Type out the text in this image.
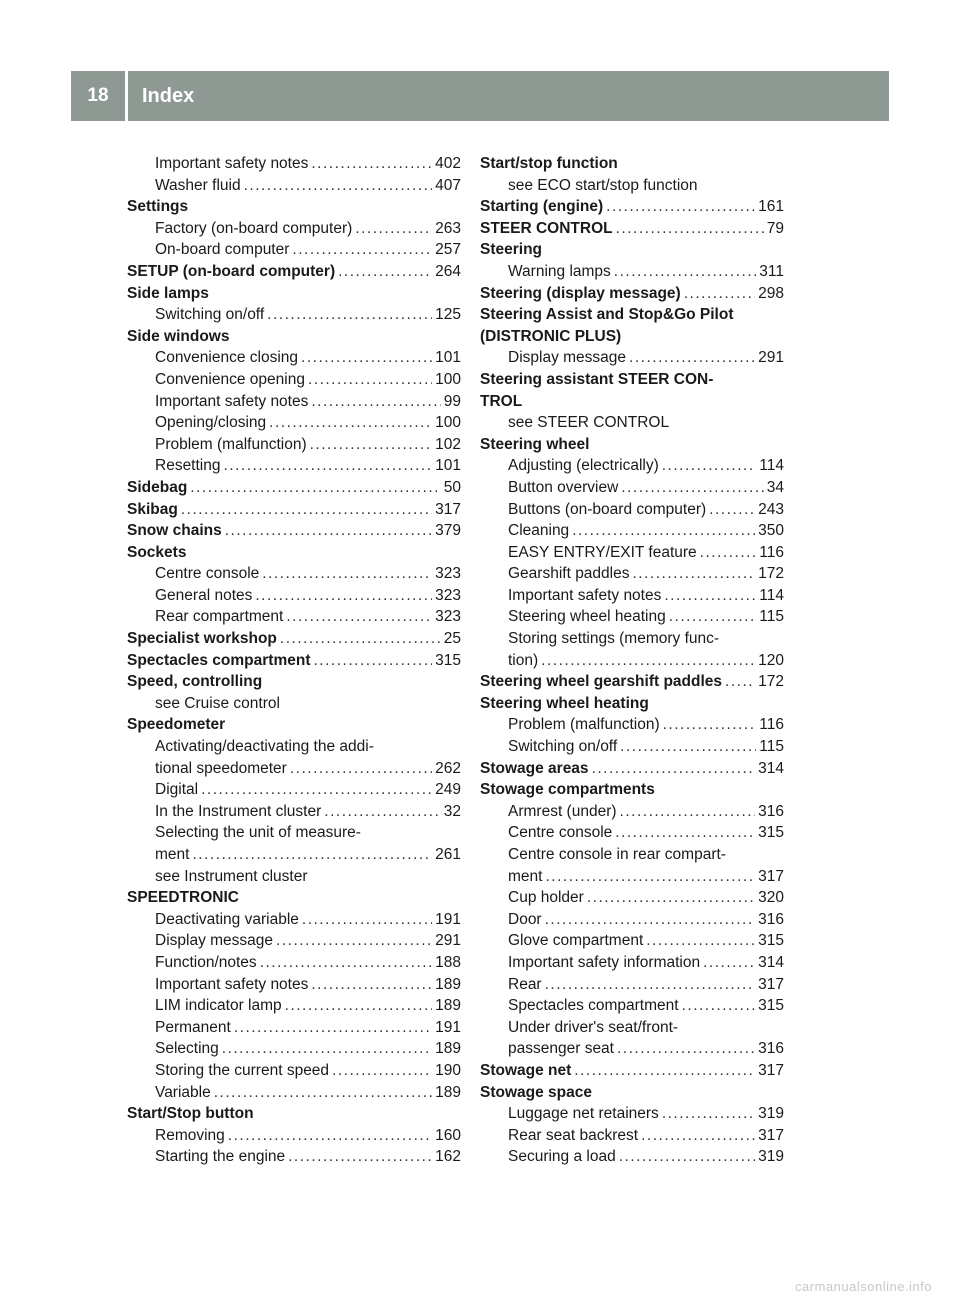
18	Index
Important safety notes .....	402
Washer fluid .....	407
Settings
Factory (on-board computer) .....	263
On-board computer .....	257
SETUP (on-board computer) .....	264
Side lamps
Switching on/off .....	125
Side windows
Convenience closing .....	101
Convenience opening .....	100
Important safety notes .....	99
Opening/closing .....	100
Problem (malfunction) .....	102
Resetting .....	101
Sidebag .....	50
Skibag .....	317
Snow chains .....	379
Sockets
Centre console .....	323
General notes .....	323
Rear compartment .....	323
Specialist workshop .....	25
Spectacles compartment .....	315
Speed, controlling
see Cruise control
Speedometer
Activating/deactivating the addi-
tional speedometer .....	262
Digital .....	249
In the Instrument cluster .....	32
Selecting the unit of measure-
ment .....	261
see Instrument cluster
SPEEDTRONIC
Deactivating variable .....	191
Display message .....	291
Function/notes .....	188
Important safety notes .....	189
LIM indicator lamp .....	189
Permanent .....	191
Selecting .....	189
Storing the current speed .....	190
Variable .....	189
Start/Stop button
Removing .....	160
Starting the engine .....	162
Start/stop function
see ECO start/stop function
Starting (engine) .....	161
STEER CONTROL .....	79
Steering
Warning lamps .....	311
Steering (display message) .....	298
Steering Assist and Stop&Go Pilot
(DISTRONIC PLUS)
Display message .....	291
Steering assistant STEER CON-
TROL
see STEER CONTROL
Steering wheel
Adjusting (electrically) .....	114
Button overview .....	34
Buttons (on-board computer) .....	243
Cleaning .....	350
EASY ENTRY/EXIT feature .....	116
Gearshift paddles .....	172
Important safety notes .....	114
Steering wheel heating .....	115
Storing settings (memory func-
tion) .....	120
Steering wheel gearshift paddles ..... 172
Steering wheel heating
Problem (malfunction) .....	116
Switching on/off .....	115
Stowage areas .....	314
Stowage compartments
Armrest (under) .....	316
Centre console .....	315
Centre console in rear compart-
ment .....	317
Cup holder .....	320
Door .....	316
Glove compartment .....	315
Important safety information .....	314
Rear .....	317
Spectacles compartment .....	315
Under driver's seat/front-
passenger seat .....	316
Stowage net .....	317
Stowage space
Luggage net retainers .....	319
Rear seat backrest .....	317
Securing a load .....	319
carmanualsonline.info
